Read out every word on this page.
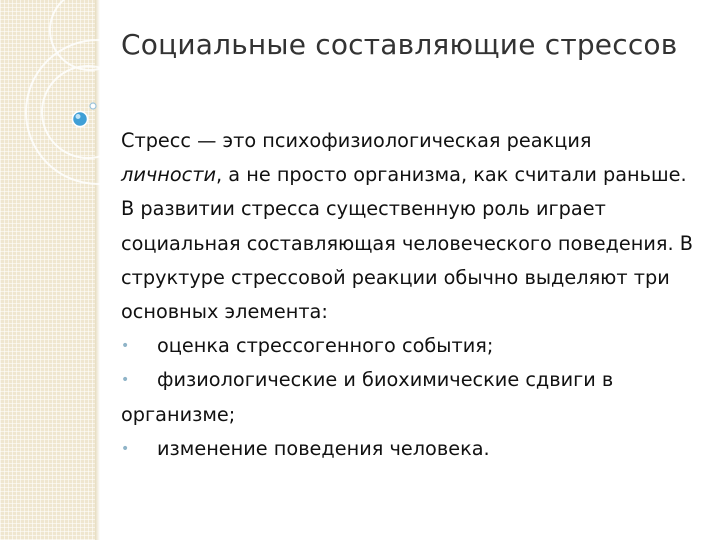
Социальные составляющие стрессов

Стресс — это психофизиологическая реакция личности, а не просто организма, как считали раньше. В развитии стресса существенную роль играет социальная составляющая человеческого поведения. В структуре стрессовой реакции обычно выделяют три основных элемента:

• оценка стрессогенного события;

• физиологические и биохимические сдвиги в организме;

• изменение поведения человека.
